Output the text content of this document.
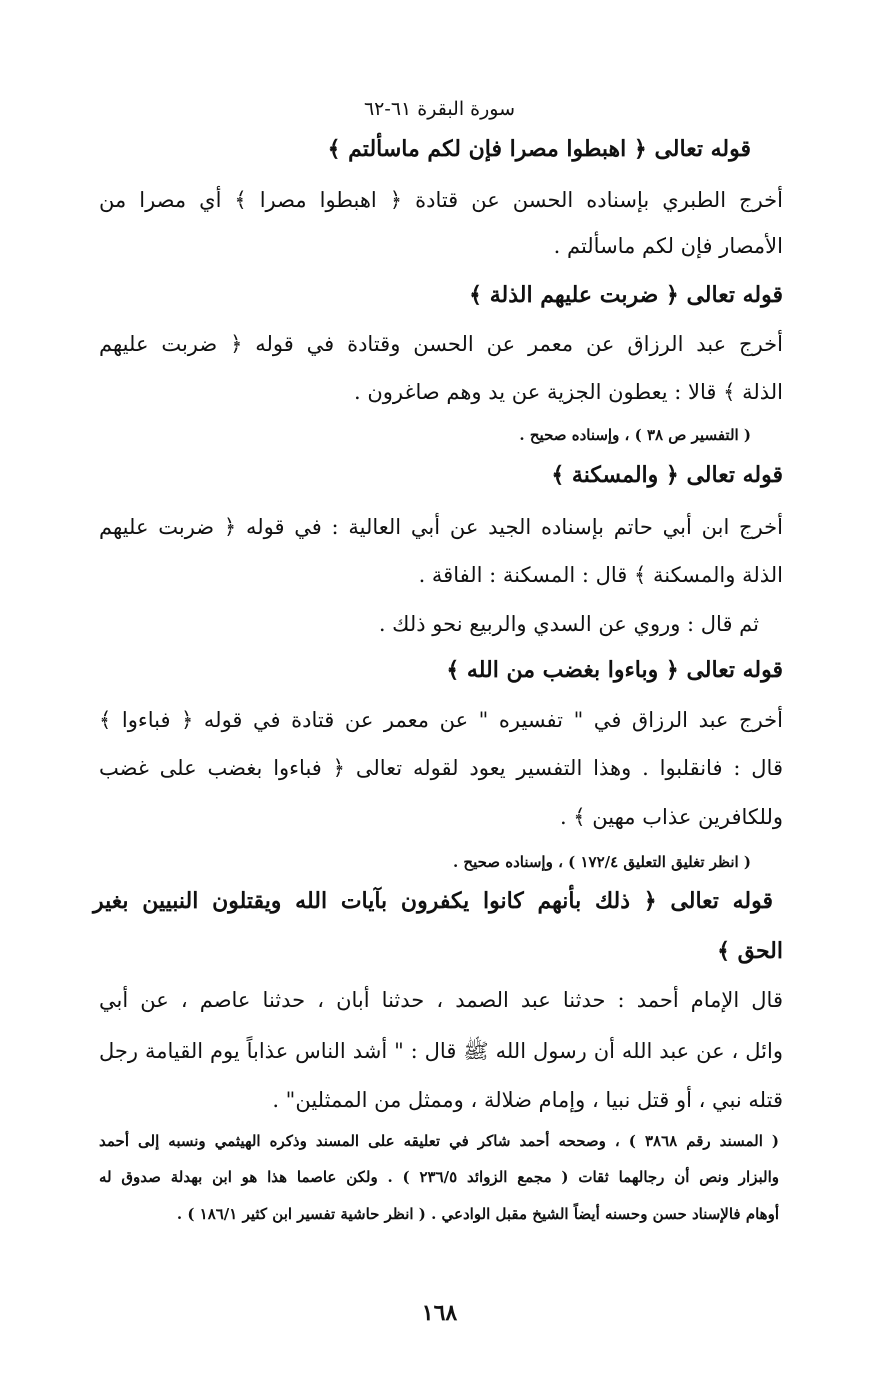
سورة البقرة ٦١-٦٢
قوله تعالى ﴿ اهبطوا مصرا فإن لكم ماسألتم ﴾
أخرج الطبري بإسناده الحسن عن قتادة ﴿ اهبطوا مصرا ﴾ أي مصرا من
الأمصار فإن لكم ماسألتم .
قوله تعالى ﴿ ضربت عليهم الذلة ﴾
أخرج عبد الرزاق عن معمر عن الحسن وقتادة في قوله ﴿ ضربت عليهم
الذلة ﴾ قالا : يعطون الجزية عن يد وهم صاغرون .
( التفسير ص ٣٨ ) ، وإسناده صحيح .
قوله تعالى ﴿ والمسكنة ﴾
أخرج ابن أبي حاتم بإسناده الجيد عن أبي العالية : في قوله ﴿ ضربت عليهم
الذلة والمسكنة ﴾ قال : المسكنة : الفاقة .
ثم قال : وروي عن السدي والربيع نحو ذلك .
قوله تعالى ﴿ وباءوا بغضب من الله ﴾
أخرج عبد الرزاق في " تفسيره " عن معمر عن قتادة في قوله ﴿ فباءوا ﴾
قال : فانقلبوا . وهذا التفسير يعود لقوله تعالى ﴿ فباءوا بغضب على غضب
وللكافرين عذاب مهين ﴾ .
( انظر تغليق التعليق ١٧٢/٤ ) ، وإسناده صحيح .
قوله تعالى ﴿ ذلك بأنهم كانوا يكفرون بآيات الله ويقتلون النبيين بغير
الحق ﴾
قال الإمام أحمد : حدثنا عبد الصمد ، حدثنا أبان ، حدثنا عاصم ، عن أبي
وائل ، عن عبد الله أن رسول الله ﷺ قال : " أشد الناس عذاباً يوم القيامة رجل
قتله نبي ، أو قتل نبيا ، وإمام ضلالة ، وممثل من الممثلين" .
( المسند رقم ٣٨٦٨ ) ، وصححه أحمد شاكر في تعليقه على المسند وذكره الهيثمي ونسبه إلى أحمد
والبزار ونص أن رجالهما ثقات ( مجمع الزوائد ٢٣٦/٥ ) . ولكن عاصما هذا هو ابن بهدلة صدوق له
أوهام فالإسناد حسن وحسنه أيضاً الشيخ مقبل الوادعي . ( انظر حاشية تفسير ابن كثير ١٨٦/١ ) .
١٦٨
